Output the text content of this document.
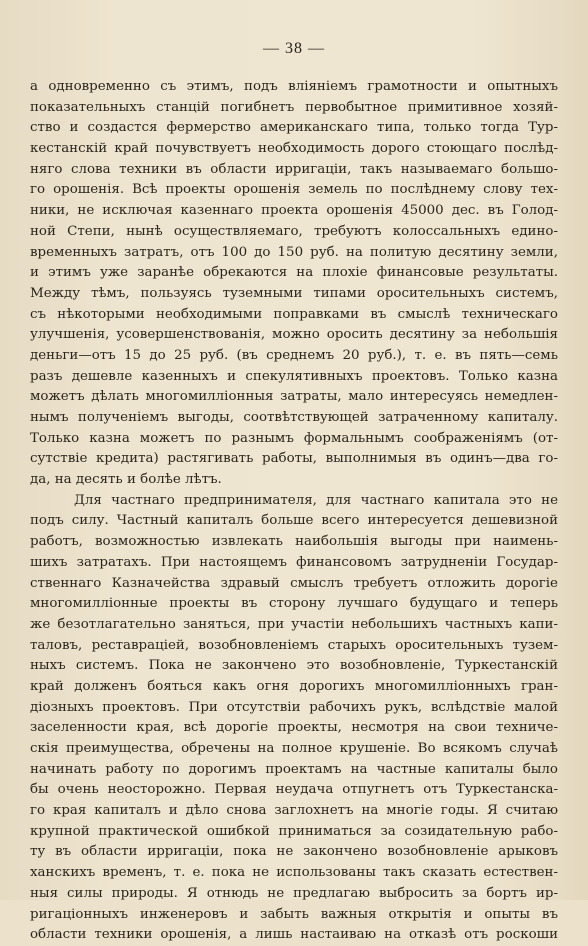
— 38 —
а одновременно съ этимъ, подъ вліяніемъ грамотности и опытныхъ
показательныхъ станцій погибнетъ первобытное примитивное хозяй-
ство и создастся фермерство американскаго типа, только тогда Тур-
кестанскій край почувствуетъ необходимость дорого стоющаго послѣд-
няго слова техники въ области ирригаціи, такъ называемаго большо-
го орошенія. Всѣ проекты орошенія земель по послѣднему слову тех-
ники, не исключая казеннаго проекта орошенія 45000 дес. въ Голод-
ной Степи, нынѣ осуществляемаго, требуютъ колоссальныхъ едино-
временныхъ затратъ, отъ 100 до 150 руб. на политую десятину земли,
и этимъ уже заранѣе обрекаются на плохіе финансовые результаты.
Между тѣмъ, пользуясь туземными типами оросительныхъ системъ,
съ нѣкоторыми необходимыми поправками въ смыслѣ техническаго
улучшенія, усовершенствованія, можно оросить десятину за небольшія
деньги—отъ 15 до 25 руб. (въ среднемъ 20 руб.), т. е. въ пять—семь
разъ дешевле казенныхъ и спекулятивныхъ проектовъ. Только казна
можетъ дѣлать многомилліонныя затраты, мало интересуясь немедлен-
нымъ полученіемъ выгоды, соотвѣтствующей затраченному капиталу.
Только казна можетъ по разнымъ формальнымъ соображеніямъ (от-
сутствіе кредита) растягивать работы, выполнимыя въ одинъ—два го-
да, на десять и болѣе лѣтъ.
Для частнаго предпринимателя, для частнаго капитала это не
подъ силу. Частный капиталъ больше всего интересуется дешевизной
работъ, возможностью извлекать наибольшія выгоды при наимень-
шихъ затратахъ. При настоящемъ финансовомъ затрудненіи Государ-
ственнаго Казначейства здравый смыслъ требуетъ отложить дорогіе
многомилліонные проекты въ сторону лучшаго будущаго и теперь
же безотлагательно заняться, при участіи небольшихъ частныхъ капи-
таловъ, реставраціей, возобновленіемъ старыхъ оросительныхъ тузем-
ныхъ системъ. Пока не закончено это возобновленіе, Туркестанскій
край долженъ бояться какъ огня дорогихъ многомилліонныхъ гран-
діозныхъ проектовъ. При отсутствіи рабочихъ рукъ, вслѣдствіе малой
заселенности края, всѣ дорогіе проекты, несмотря на свои техниче-
скія преимущества, обречены на полное крушеніе. Во всякомъ случаѣ
начинать работу по дорогимъ проектамъ на частные капиталы было
бы очень неосторожно. Первая неудача отпугнетъ отъ Туркестанска-
го края капиталъ и дѣло снова заглохнетъ на многіе годы. Я считаю
крупной практической ошибкой приниматься за созидательную рабо-
ту въ области ирригаціи, пока не закончено возобновленіе арыковъ
ханскихъ временъ, т. е. пока не использованы такъ сказать естествен-
ныя силы природы. Я отнюдь не предлагаю выбросить за бортъ ир-
ригаціонныхъ инженеровъ и забыть важныя открытія и опыты въ
области техники орошенія, а лишь настаиваю на отказѣ отъ роскоши
